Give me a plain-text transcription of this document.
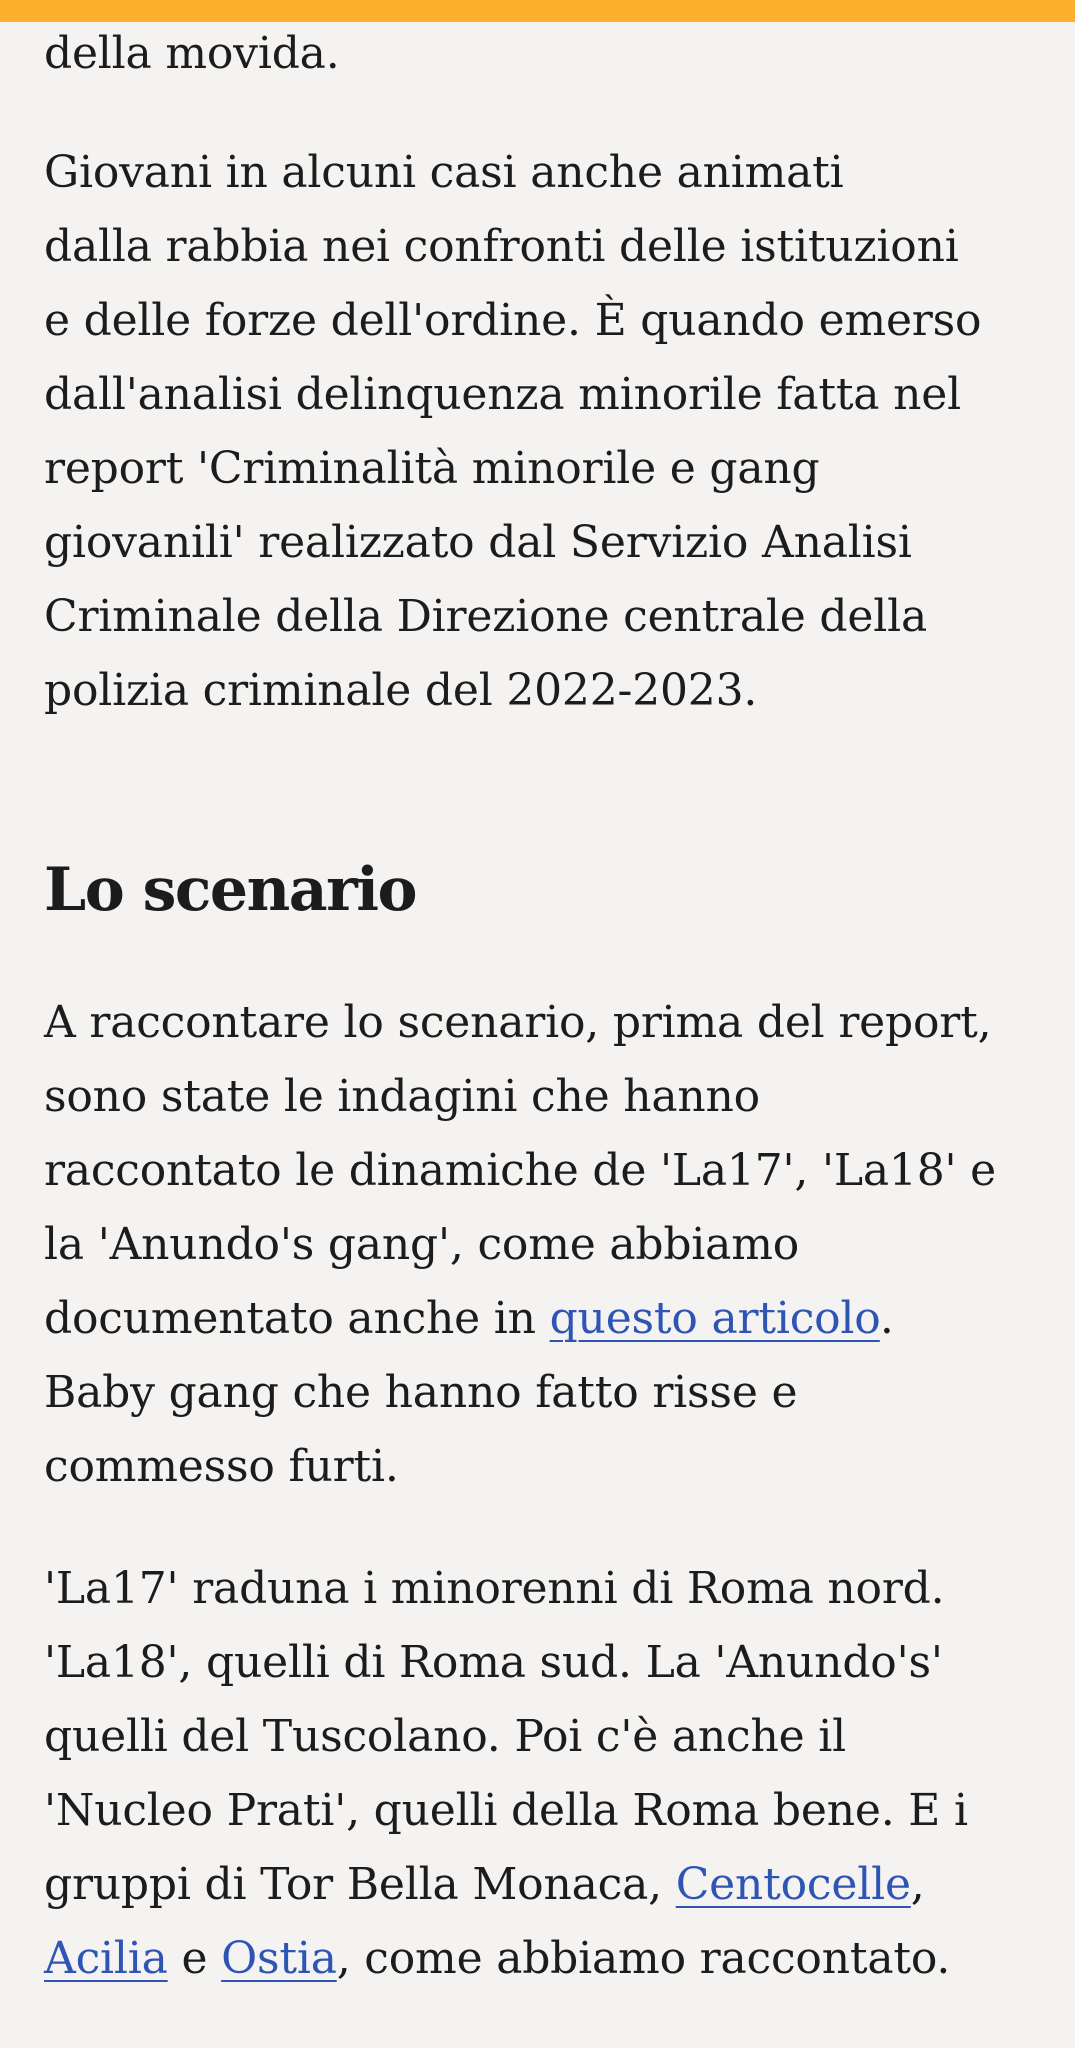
della movida.

Giovani in alcuni casi anche animati
dalla rabbia nei confronti delle istituzioni
e delle forze dell'ordine. È quando emerso
dall'analisi delinquenza minorile fatta nel
report 'Criminalità minorile e gang
giovanili' realizzato dal Servizio Analisi
Criminale della Direzione centrale della
polizia criminale del 2022-2023.

Lo scenario

A raccontare lo scenario, prima del report,
sono state le indagini che hanno
raccontato le dinamiche de 'La17', 'La18' e
la 'Anundo's gang', come abbiamo
documentato anche in questo articolo.
Baby gang che hanno fatto risse e
commesso furti.

'La17' raduna i minorenni di Roma nord.
'La18', quelli di Roma sud. La 'Anundo's'
quelli del Tuscolano. Poi c'è anche il
'Nucleo Prati', quelli della Roma bene. E i
gruppi di Tor Bella Monaca, Centocelle,
Acilia e Ostia, come abbiamo raccontato.
